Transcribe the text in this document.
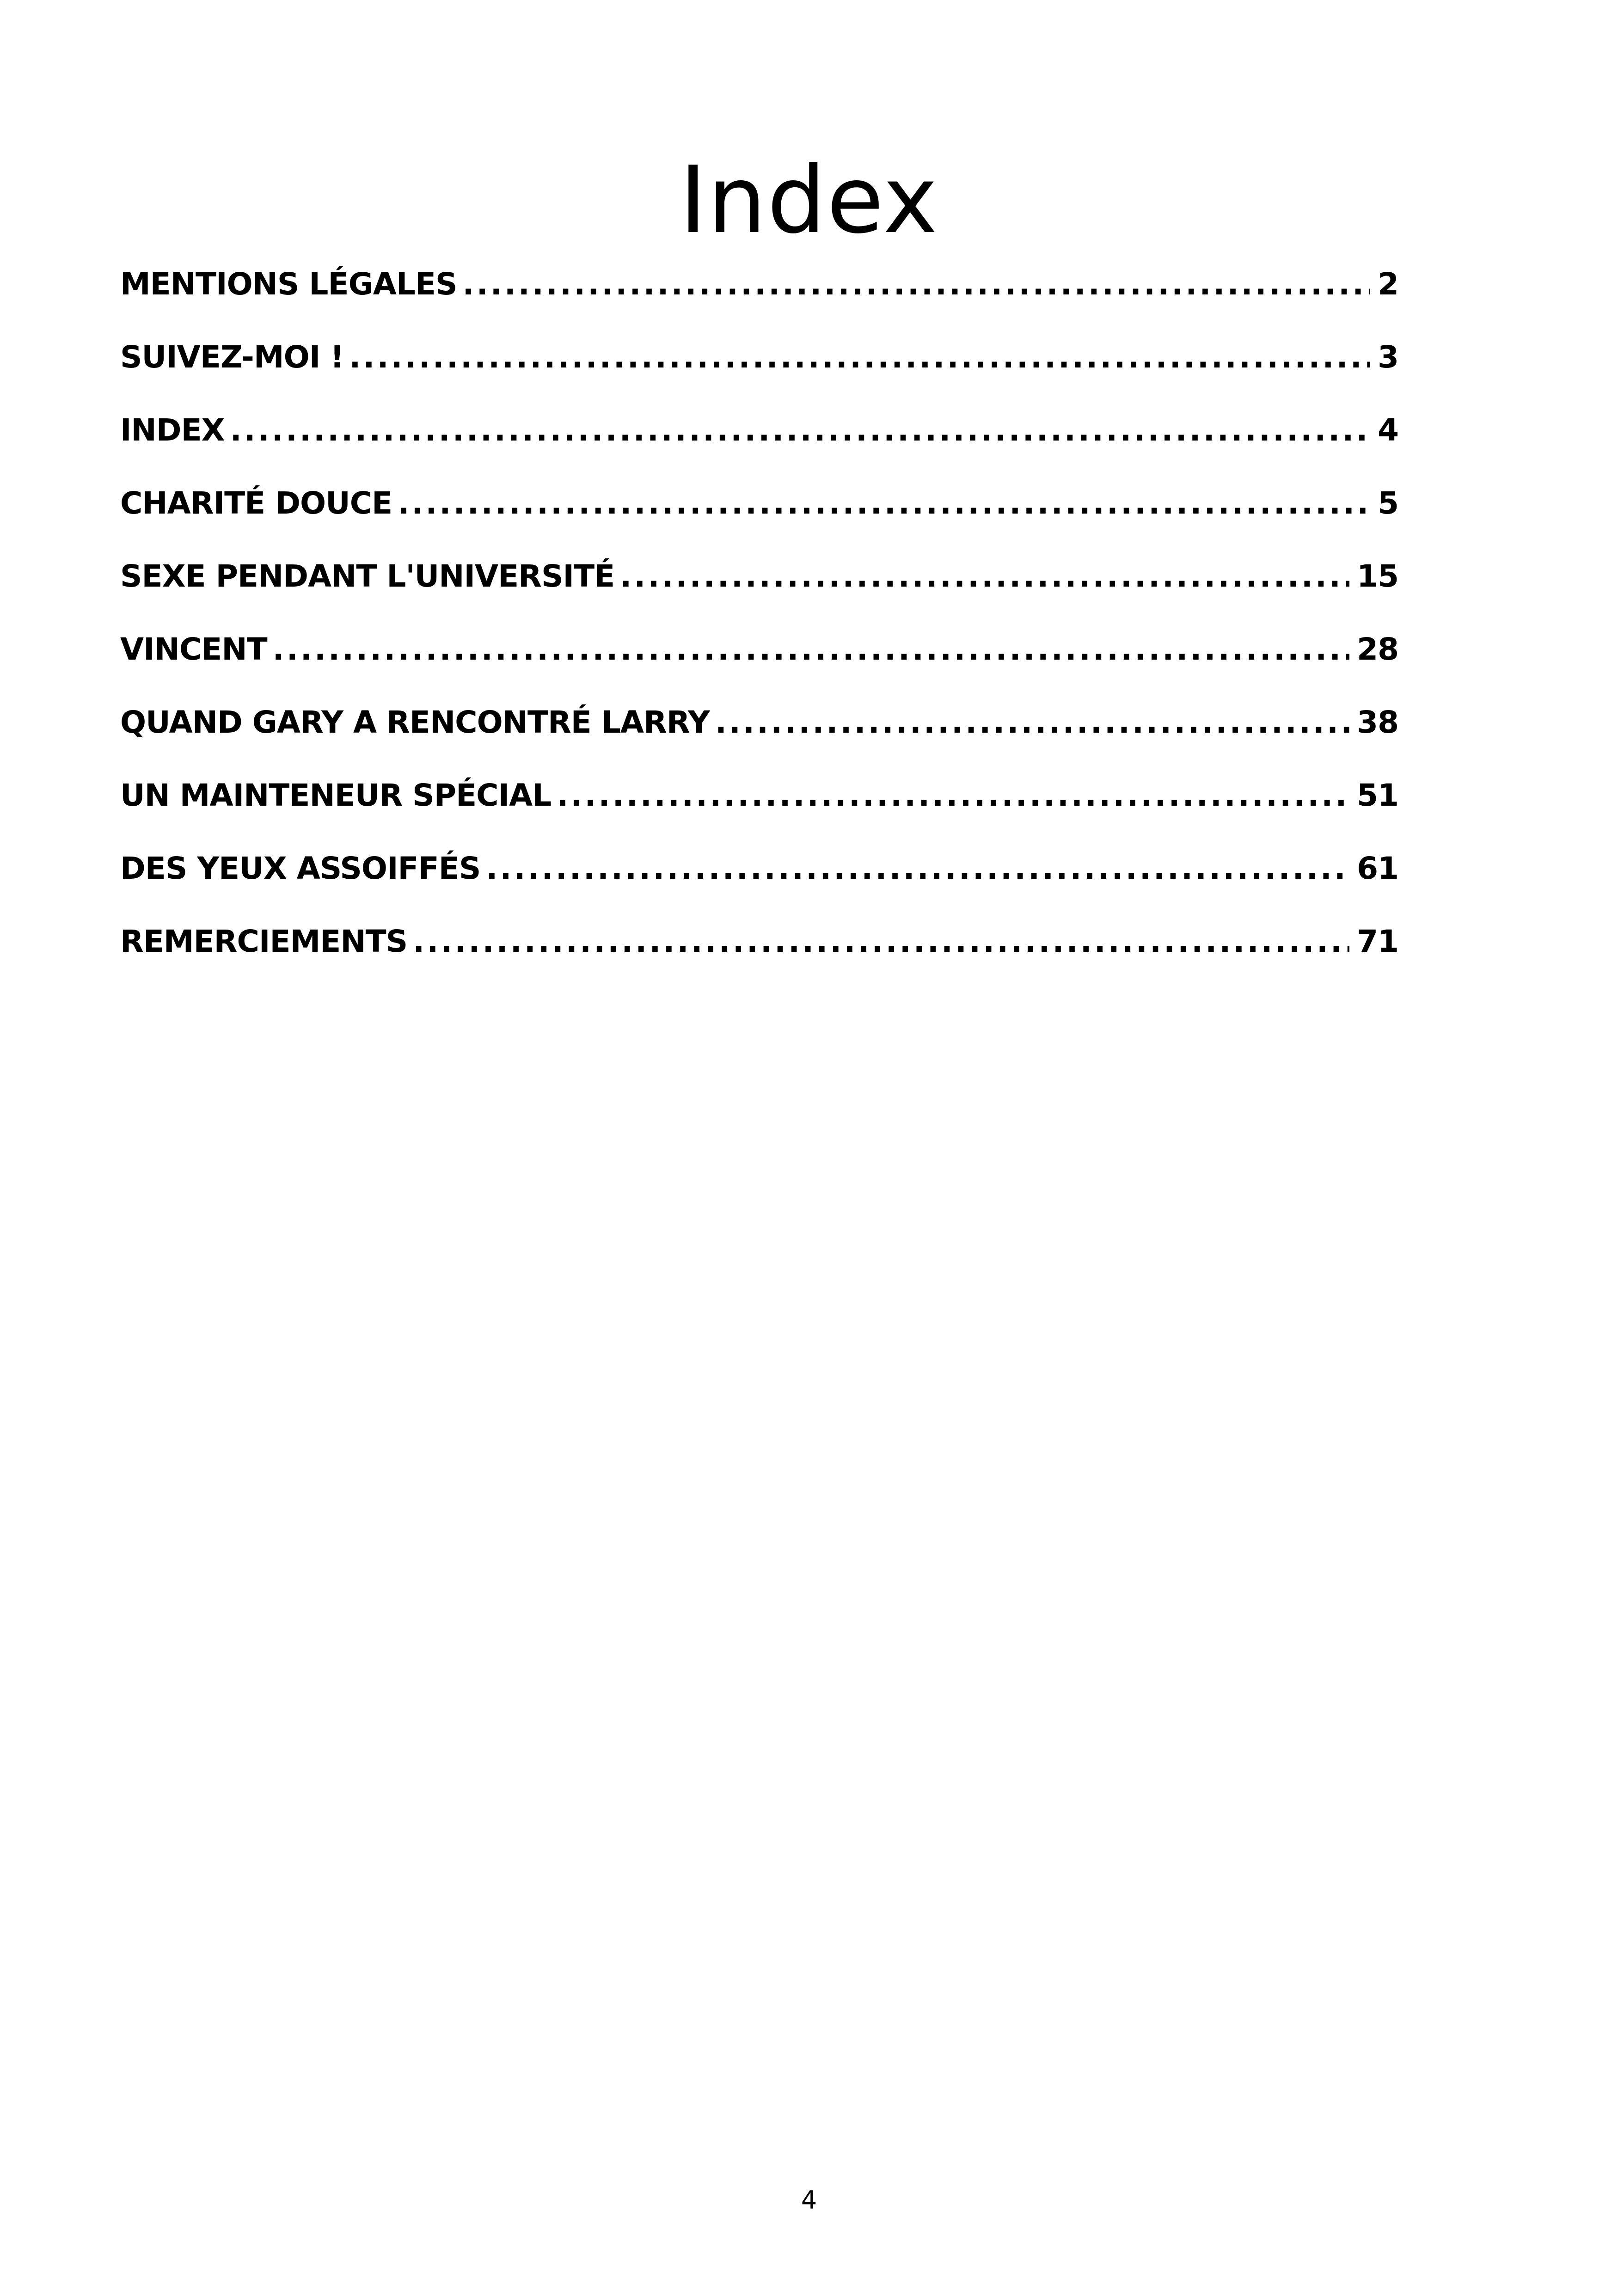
Index
MENTIONS LÉGALES .....	2
SUIVEZ-MOI ! .....	3
INDEX .....	4
CHARITÉ DOUCE .....	5
SEXE PENDANT L'UNIVERSITÉ .....	15
VINCENT .....	28
QUAND GARY A RENCONTRÉ LARRY .....	38
UN MAINTENEUR SPÉCIAL .....	51
DES YEUX ASSOIFFÉS .....	61
REMERCIEMENTS .....	71
4
